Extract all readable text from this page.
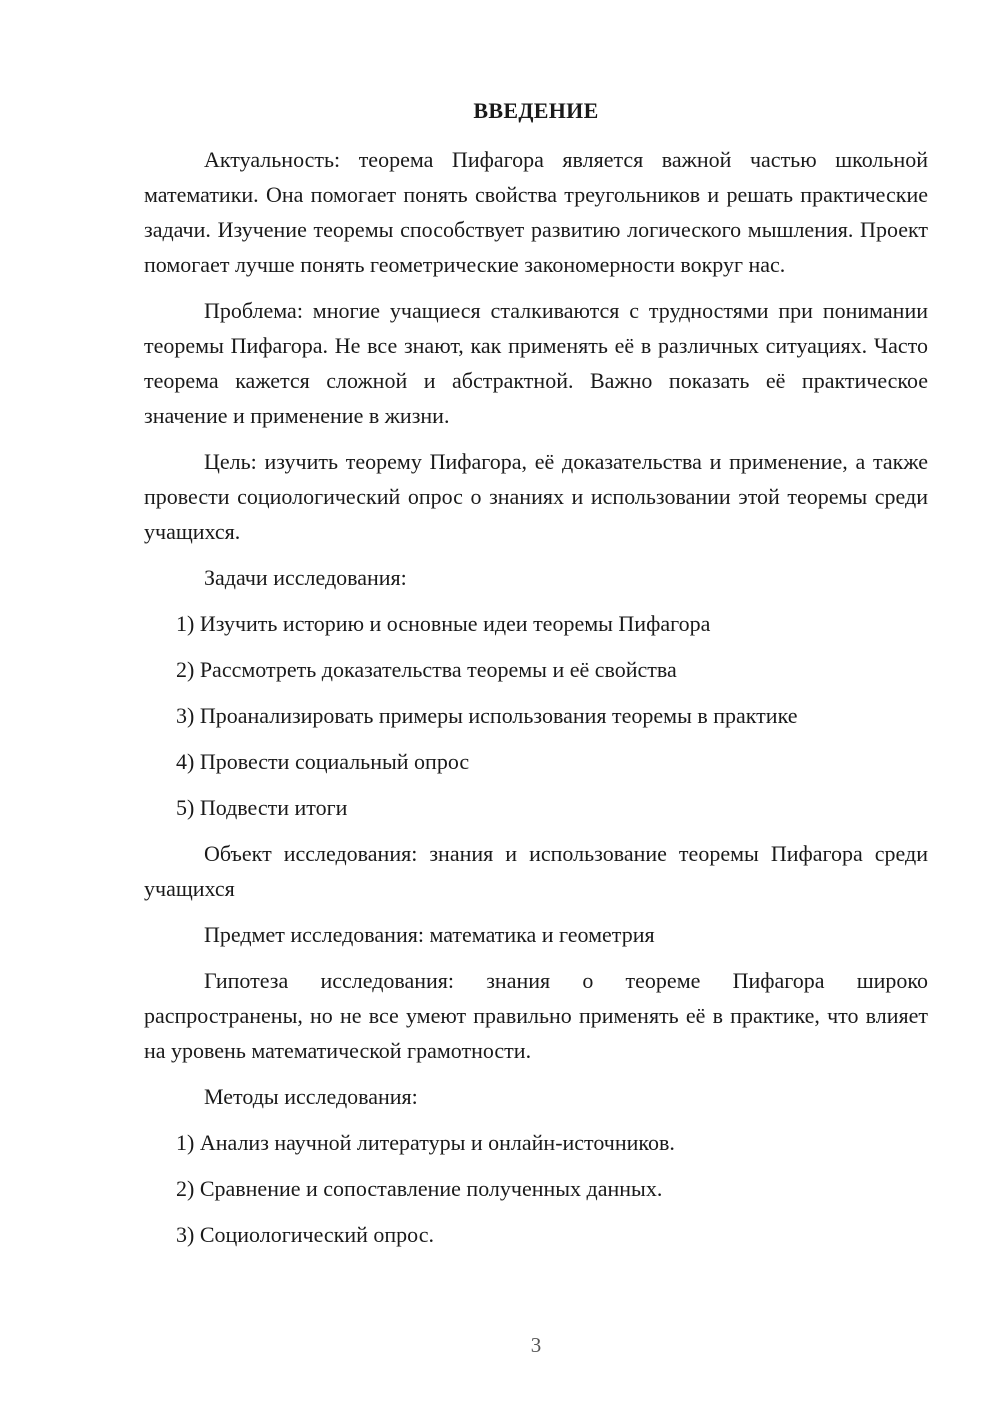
ВВЕДЕНИЕ

Актуальность: теорема Пифагора является важной частью школьной математики. Она помогает понять свойства треугольников и решать практические задачи. Изучение теоремы способствует развитию логического мышления. Проект помогает лучше понять геометрические закономерности вокруг нас.

Проблема: многие учащиеся сталкиваются с трудностями при понимании теоремы Пифагора. Не все знают, как применять её в различных ситуациях. Часто теорема кажется сложной и абстрактной. Важно показать её практическое значение и применение в жизни.

Цель: изучить теорему Пифагора, её доказательства и применение, а также провести социологический опрос о знаниях и использовании этой теоремы среди учащихся.

Задачи исследования:

1) Изучить историю и основные идеи теоремы Пифагора
2) Рассмотреть доказательства теоремы и её свойства
3) Проанализировать примеры использования теоремы в практике
4) Провести социальный опрос
5) Подвести итоги

Объект исследования: знания и использование теоремы Пифагора среди учащихся

Предмет исследования: математика и геометрия

Гипотеза исследования: знания о теореме Пифагора широко распространены, но не все умеют правильно применять её в практике, что влияет на уровень математической грамотности.

Методы исследования:

1) Анализ научной литературы и онлайн-источников.
2) Сравнение и сопоставление полученных данных.
3) Социологический опрос.
3
